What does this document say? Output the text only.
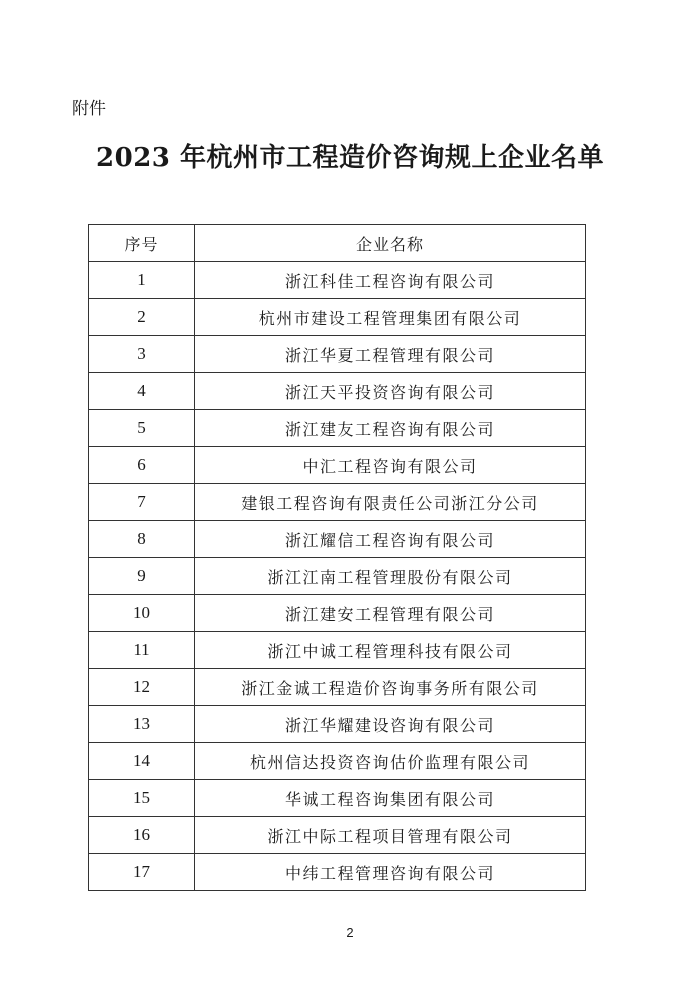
附件
2023 年杭州市工程造价咨询规上企业名单
序号	企业名称
1	浙江科佳工程咨询有限公司
2	杭州市建设工程管理集团有限公司
3	浙江华夏工程管理有限公司
4	浙江天平投资咨询有限公司
5	浙江建友工程咨询有限公司
6	中汇工程咨询有限公司
7	建银工程咨询有限责任公司浙江分公司
8	浙江耀信工程咨询有限公司
9	浙江江南工程管理股份有限公司
10	浙江建安工程管理有限公司
11	浙江中诚工程管理科技有限公司
12	浙江金诚工程造价咨询事务所有限公司
13	浙江华耀建设咨询有限公司
14	杭州信达投资咨询估价监理有限公司
15	华诚工程咨询集团有限公司
16	浙江中际工程项目管理有限公司
17	中纬工程管理咨询有限公司
2
